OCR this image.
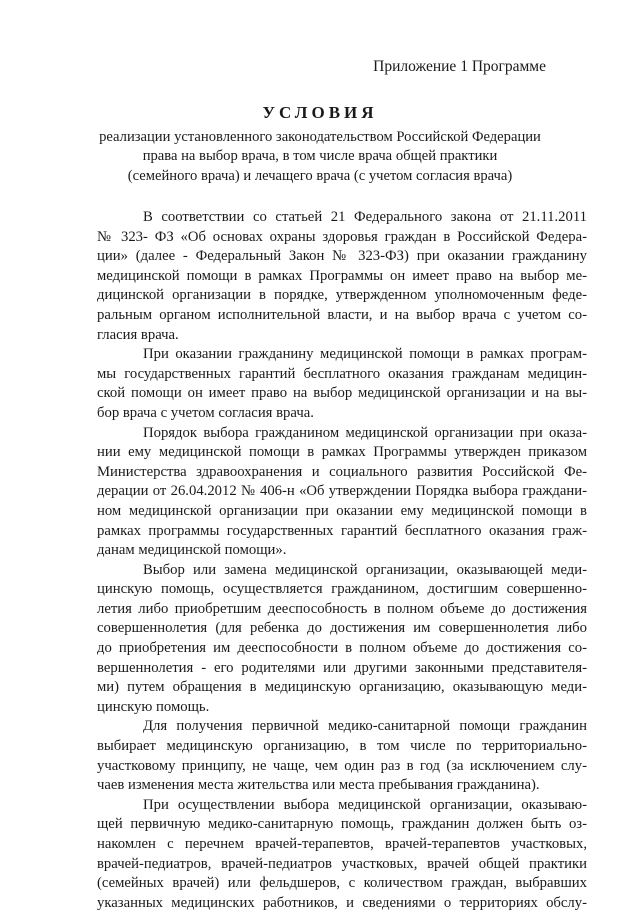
Приложение 1 Программе
УСЛОВИЯ
реализации установленного законодательством Российской Федерации
права на выбор врача, в том числе врача общей практики
(семейного врача) и лечащего врача (с учетом согласия врача)
В соответствии со статьей 21 Федерального закона от 21.11.2011
№ 323- ФЗ «Об основах охраны здоровья граждан в Российской Федера-
ции» (далее - Федеральный Закон № 323-ФЗ) при оказании гражданину
медицинской помощи в рамках Программы он имеет право на выбор ме-
дицинской организации в порядке, утвержденном уполномоченным феде-
ральным органом исполнительной власти, и на выбор врача с учетом со-
гласия врача.
При оказании гражданину медицинской помощи в рамках програм-
мы государственных гарантий бесплатного оказания гражданам медицин-
ской помощи он имеет право на выбор медицинской организации и на вы-
бор врача с учетом согласия врача.
Порядок выбора гражданином медицинской организации при оказа-
нии ему медицинской помощи в рамках Программы утвержден приказом
Министерства здравоохранения и социального развития Российской Фе-
дерации от 26.04.2012 № 406-н «Об утверждении Порядка выбора граждани-
ном медицинской организации при оказании ему медицинской помощи в
рамках программы государственных гарантий бесплатного оказания граж-
данам медицинской помощи».
Выбор или замена медицинской организации, оказывающей меди-
цинскую помощь, осуществляется гражданином, достигшим совершенно-
летия либо приобретшим дееспособность в полном объеме до достижения
совершеннолетия (для ребенка до достижения им совершеннолетия либо
до приобретения им дееспособности в полном объеме до достижения со-
вершеннолетия - его родителями или другими законными представителя-
ми) путем обращения в медицинскую организацию, оказывающую меди-
цинскую помощь.
Для получения первичной медико-санитарной помощи гражданин
выбирает медицинскую организацию, в том числе по территориально-
участковому принципу, не чаще, чем один раз в год (за исключением слу-
чаев изменения места жительства или места пребывания гражданина).
При осуществлении выбора медицинской организации, оказываю-
щей первичную медико-санитарную помощь, гражданин должен быть оз-
накомлен с перечнем врачей-терапевтов, врачей-терапевтов участковых,
врачей-педиатров, врачей-педиатров участковых, врачей общей практики
(семейных врачей) или фельдшеров, с количеством граждан, выбравших
указанных медицинских работников, и сведениями о территориях обслу-
